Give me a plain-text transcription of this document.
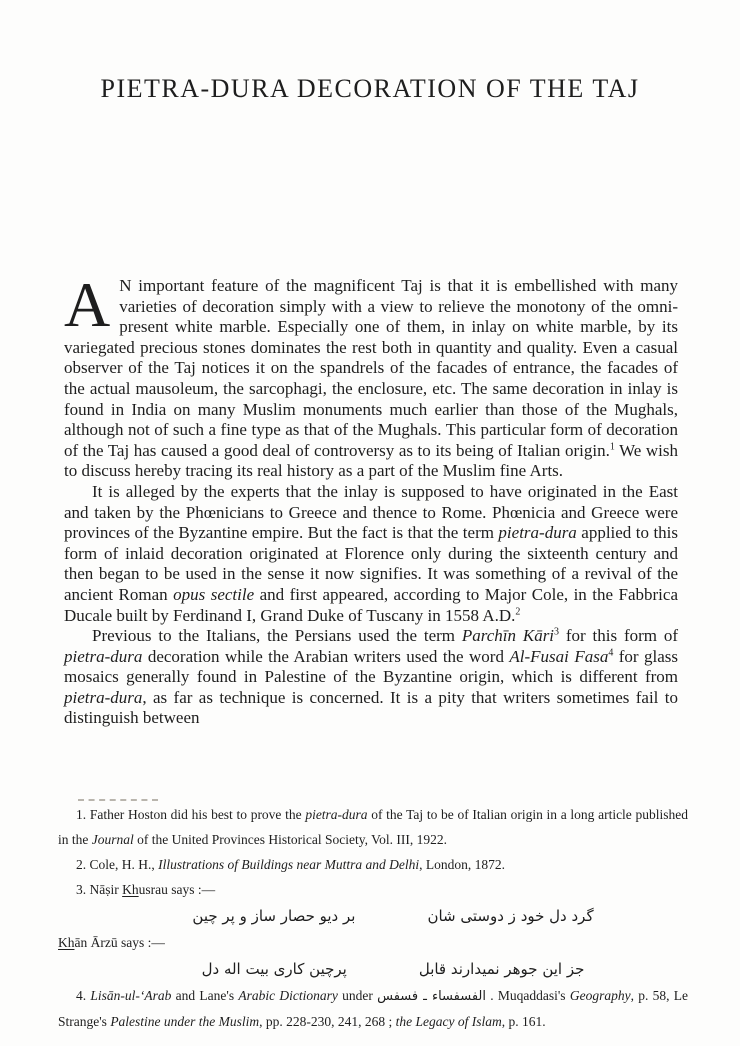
PIETRA-DURA DECORATION OF THE TAJ

A N important feature of the magnificent Taj is that it is embellished with many varieties of decoration simply with a view to relieve the monotony of the omni-present white marble. Especially one of them, in inlay on white marble, by its variegated precious stones dominates the rest both in quantity and quality. Even a casual observer of the Taj notices it on the spandrels of the facades of entrance, the facades of the actual mausoleum, the sarcophagi, the enclosure, etc. The same decoration in inlay is found in India on many Muslim monuments much earlier than those of the Mughals, although not of such a fine type as that of the Mughals. This particular form of decoration of the Taj has caused a good deal of controversy as to its being of Italian origin.$^1$ We wish to discuss hereby tracing its real history as a part of the Muslim fine Arts.

It is alleged by the experts that the inlay is supposed to have originated in the East and taken by the Phœnicians to Greece and thence to Rome. Phœnicia and Greece were provinces of the Byzantine empire. But the fact is that the term pietra-dura applied to this form of inlaid decoration originated at Florence only during the sixteenth century and then began to be used in the sense it now signifies. It was something of a revival of the ancient Roman opus sectile and first appeared, according to Major Cole, in the Fabbrica Ducale built by Ferdinand I, Grand Duke of Tuscany in 1558 A.D.$^2$

Previous to the Italians, the Persians used the term Parchīn Kāri$^3$ for this form of pietra-dura decoration while the Arabian writers used the word Al-Fusai Fasa$^4$ for glass mosaics generally found in Palestine of the Byzantine origin, which is different from pietra-dura, as far as technique is concerned. It is a pity that writers sometimes fail to distinguish between

1. Father Hoston did his best to prove the pietra-dura of the Taj to be of Italian origin in a long article published in the Journal of the United Provinces Historical Society, Vol. III, 1922.

2. Cole, H. H., Illustrations of Buildings near Muttra and Delhi, London, 1872.

3. Nāṣir Khusrau says :—

گرد دل خود ز دوستی شان
بر دیو حصار ساز و پر چین

Khān Ārzū says :—

جز این جوهر نمیدارند قابل
پرچین کاری بیت اله دل

4. Lisān-ul-ʻArab and Lane's Arabic Dictionary under الفسفساء ـ فسفس . Muqaddasi's Geography, p. 58, Le Strange's Palestine under the Muslim, pp. 228-230, 241, 268 ; the Legacy of Islam, p. 161.
